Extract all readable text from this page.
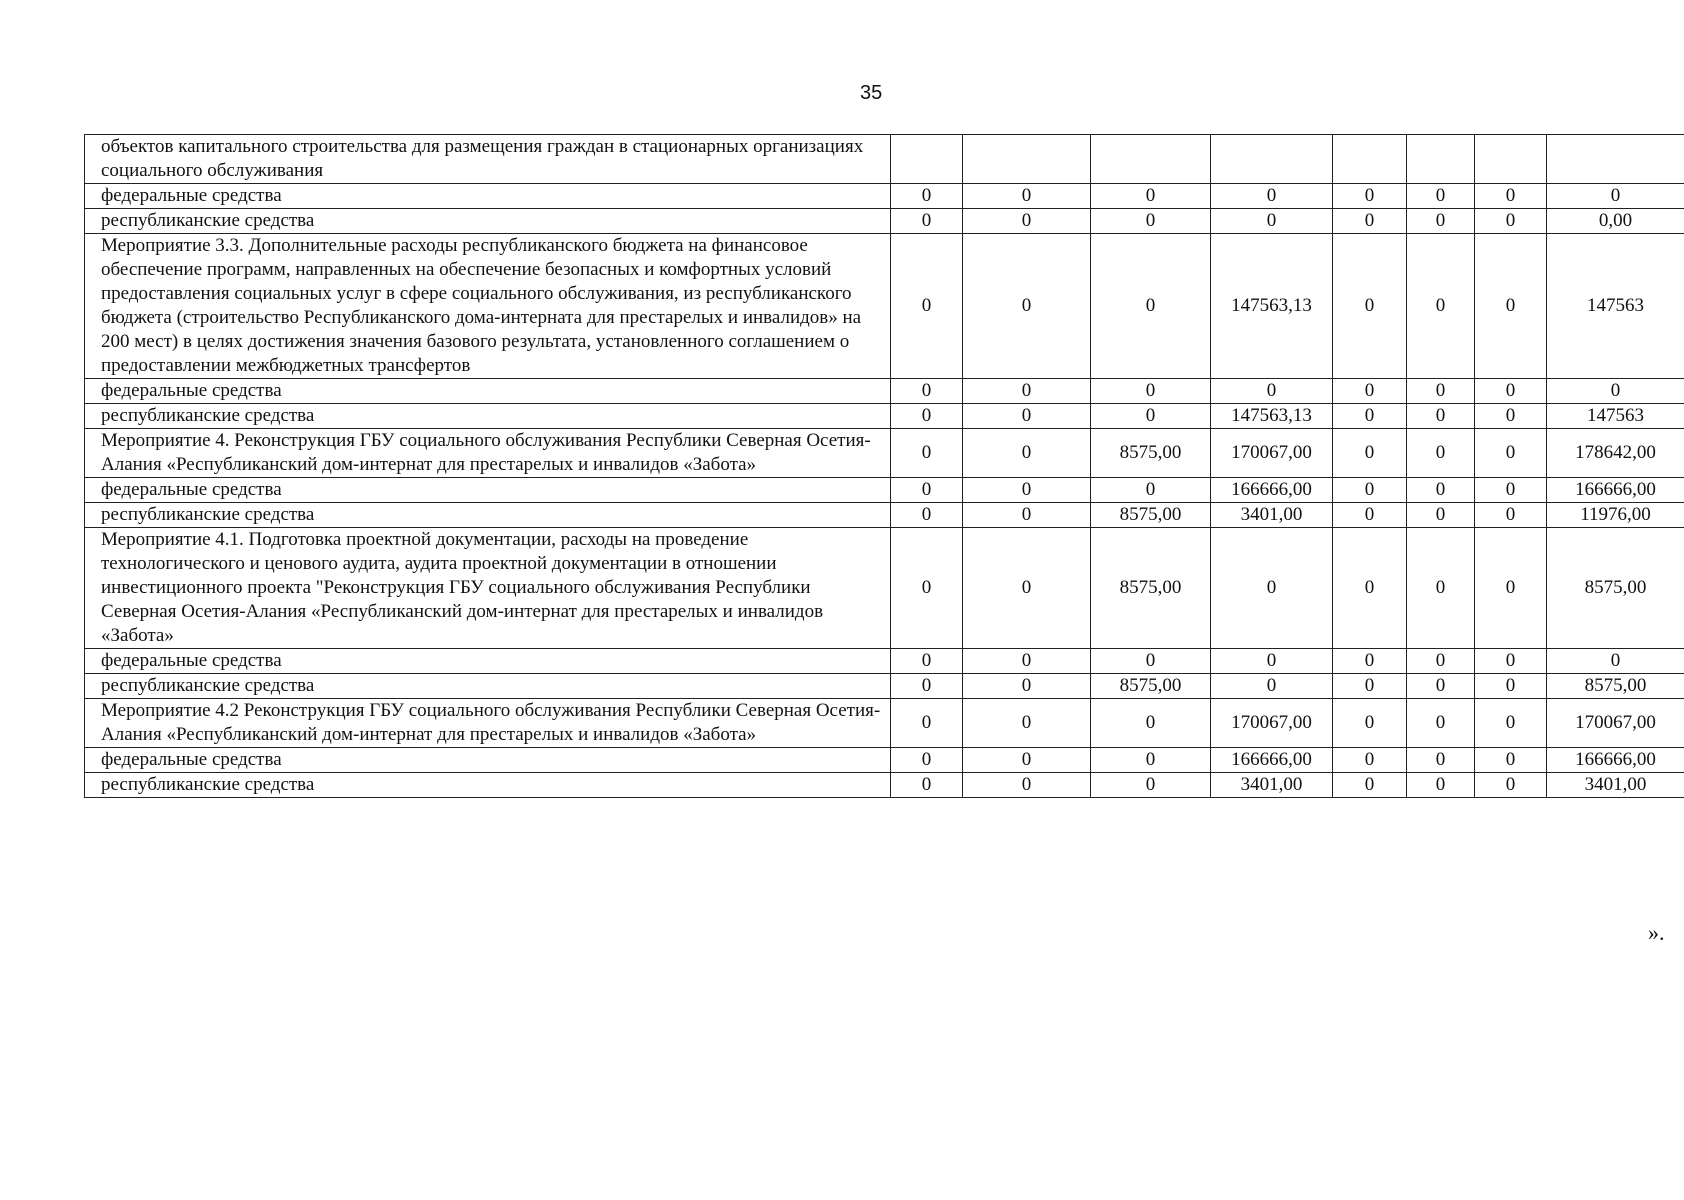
35
объектов капитального строительства для размещения граждан в стационарных организациях социального обслуживания								
федеральные средства	0	0	0	0	0	0	0	0
республиканские средства	0	0	0	0	0	0	0	0,00
Мероприятие 3.3. Дополнительные расходы республиканского бюджета на финансовое обеспечение программ, направленных на обеспечение безопасных и комфортных условий предоставления социальных услуг в сфере социального обслуживания, из республиканского бюджета (строительство Республиканского дома-интерната для престарелых и инвалидов» на 200 мест) в целях достижения значения базового результата, установленного соглашением о предоставлении межбюджетных трансфертов	0	0	0	147563,13	0	0	0	147563
федеральные средства	0	0	0	0	0	0	0	0
республиканские средства	0	0	0	147563,13	0	0	0	147563
Мероприятие 4. Реконструкция ГБУ социального обслуживания Республики Северная Осетия-Алания «Республиканский дом-интернат для престарелых и инвалидов «Забота»	0	0	8575,00	170067,00	0	0	0	178642,00
федеральные средства	0	0	0	166666,00	0	0	0	166666,00
республиканские средства	0	0	8575,00	3401,00	0	0	0	11976,00
Мероприятие 4.1. Подготовка проектной документации, расходы на проведение технологического и ценового аудита, аудита проектной документации в отношении инвестиционного проекта "Реконструкция ГБУ социального обслуживания Республики Северная Осетия-Алания «Республиканский дом-интернат для престарелых и инвалидов «Забота»	0	0	8575,00	0	0	0	0	8575,00
федеральные средства	0	0	0	0	0	0	0	0
республиканские средства	0	0	8575,00	0	0	0	0	8575,00
Мероприятие 4.2 Реконструкция ГБУ социального обслуживания Республики Северная Осетия-Алания «Республиканский дом-интернат для престарелых и инвалидов «Забота»	0	0	0	170067,00	0	0	0	170067,00
федеральные средства	0	0	0	166666,00	0	0	0	166666,00
республиканские средства	0	0	0	3401,00	0	0	0	3401,00
».
